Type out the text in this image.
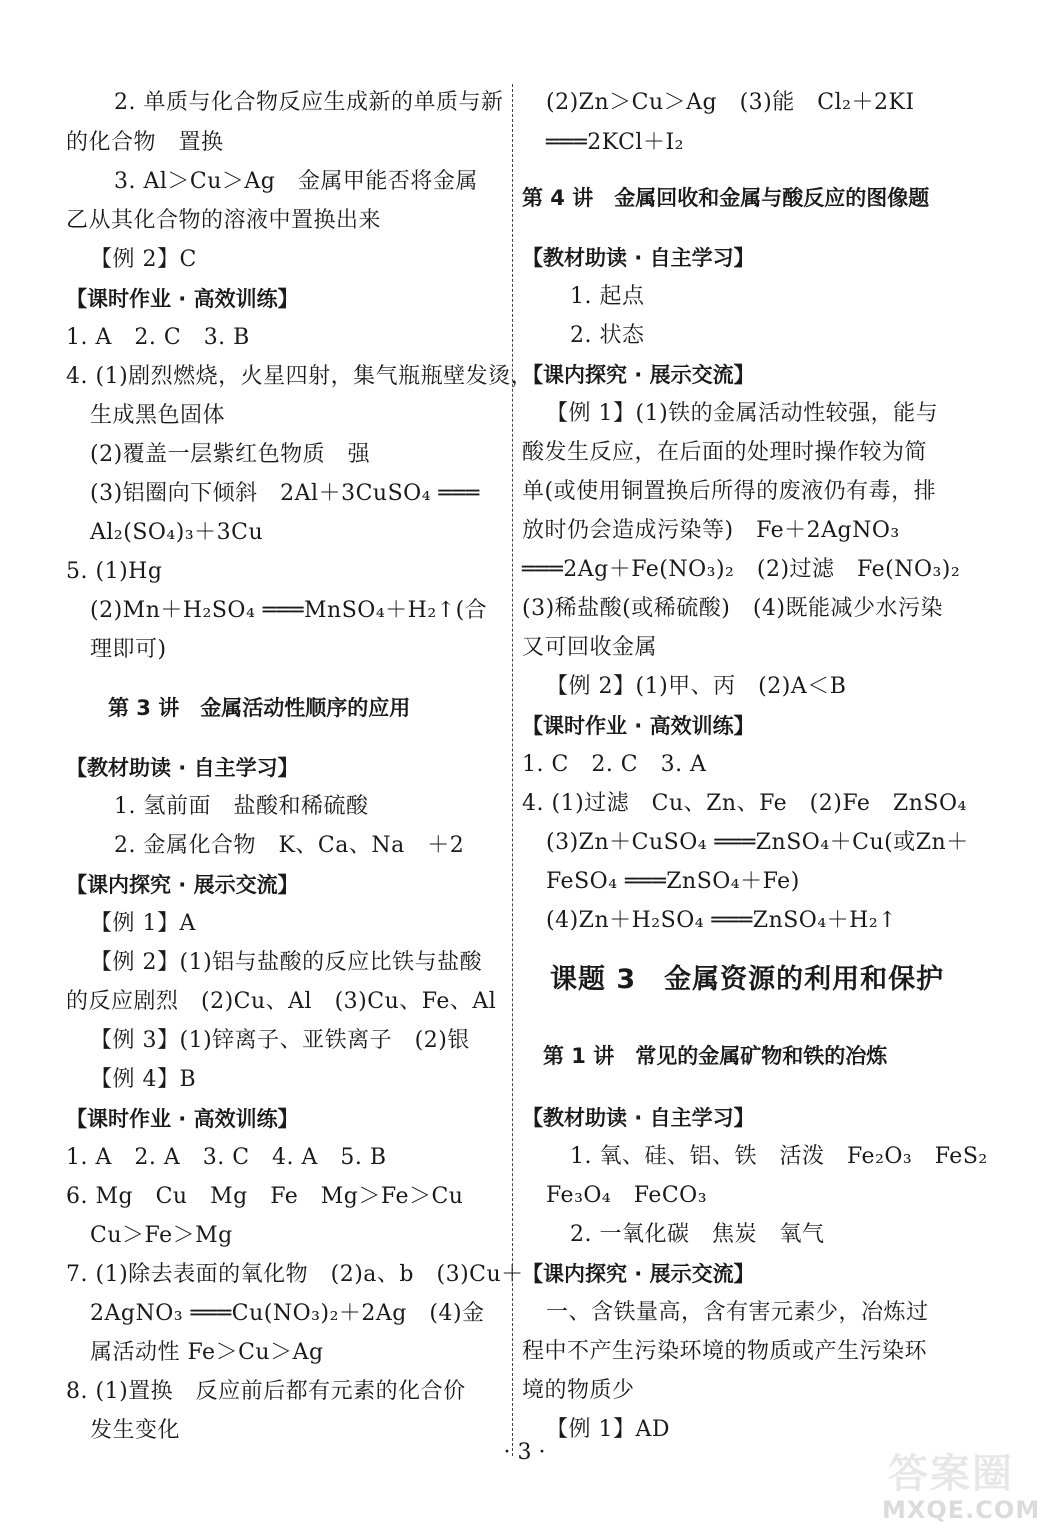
2. 单质与化合物反应生成新的单质与新
的化合物　置换
3. Al＞Cu＞Ag　金属甲能否将金属
乙从其化合物的溶液中置换出来
【例 2】C
【课时作业 · 高效训练】
1. A　2. C　3. B
4. (1)剧烈燃烧，火星四射，集气瓶瓶壁发烫，
生成黑色固体
(2)覆盖一层紫红色物质　强
(3)铝圈向下倾斜　2Al＋3CuSO₄ ═══
Al₂(SO₄)₃＋3Cu
5. (1)Hg
(2)Mn＋H₂SO₄ ═══MnSO₄＋H₂↑(合
理即可)
　　第 3 讲　金属活动性顺序的应用
【教材助读 · 自主学习】
1. 氢前面　盐酸和稀硫酸
2. 金属化合物　K、Ca、Na　＋2
【课内探究 · 展示交流】
【例 1】A
【例 2】(1)铝与盐酸的反应比铁与盐酸
的反应剧烈　(2)Cu、Al　(3)Cu、Fe、Al
【例 3】(1)锌离子、亚铁离子　(2)银
【例 4】B
【课时作业 · 高效训练】
1. A　2. A　3. C　4. A　5. B
6. Mg　Cu　Mg　Fe　Mg＞Fe＞Cu
Cu＞Fe＞Mg
7. (1)除去表面的氧化物　(2)a、b　(3)Cu＋
2AgNO₃ ═══Cu(NO₃)₂＋2Ag　(4)金
属活动性 Fe＞Cu＞Ag
8. (1)置换　反应前后都有元素的化合价
发生变化
(2)Zn＞Cu＞Ag　(3)能　Cl₂＋2KI
═══2KCl＋I₂
第 4 讲　金属回收和金属与酸反应的图像题
【教材助读 · 自主学习】
1. 起点
2. 状态
【课内探究 · 展示交流】
【例 1】(1)铁的金属活动性较强，能与
酸发生反应，在后面的处理时操作较为简
单(或使用铜置换后所得的废液仍有毒，排
放时仍会造成污染等)　Fe＋2AgNO₃
═══2Ag＋Fe(NO₃)₂　(2)过滤　Fe(NO₃)₂
(3)稀盐酸(或稀硫酸)　(4)既能减少水污染
又可回收金属
【例 2】(1)甲、丙　(2)A＜B
【课时作业 · 高效训练】
1. C　2. C　3. A
4. (1)过滤　Cu、Zn、Fe　(2)Fe　ZnSO₄
(3)Zn＋CuSO₄ ═══ZnSO₄＋Cu(或Zn＋
FeSO₄ ═══ZnSO₄＋Fe)
(4)Zn＋H₂SO₄ ═══ZnSO₄＋H₂↑
　课题 3　金属资源的利用和保护
　第 1 讲　常见的金属矿物和铁的冶炼
【教材助读 · 自主学习】
1. 氧、硅、铝、铁　活泼　Fe₂O₃　FeS₂
Fe₃O₄　FeCO₃
2. 一氧化碳　焦炭　氧气
【课内探究 · 展示交流】
一、含铁量高，含有害元素少，冶炼过
程中不产生污染环境的物质或产生污染环
境的物质少
【例 1】AD
· 3 ·	答案圈
MXQE.COM
